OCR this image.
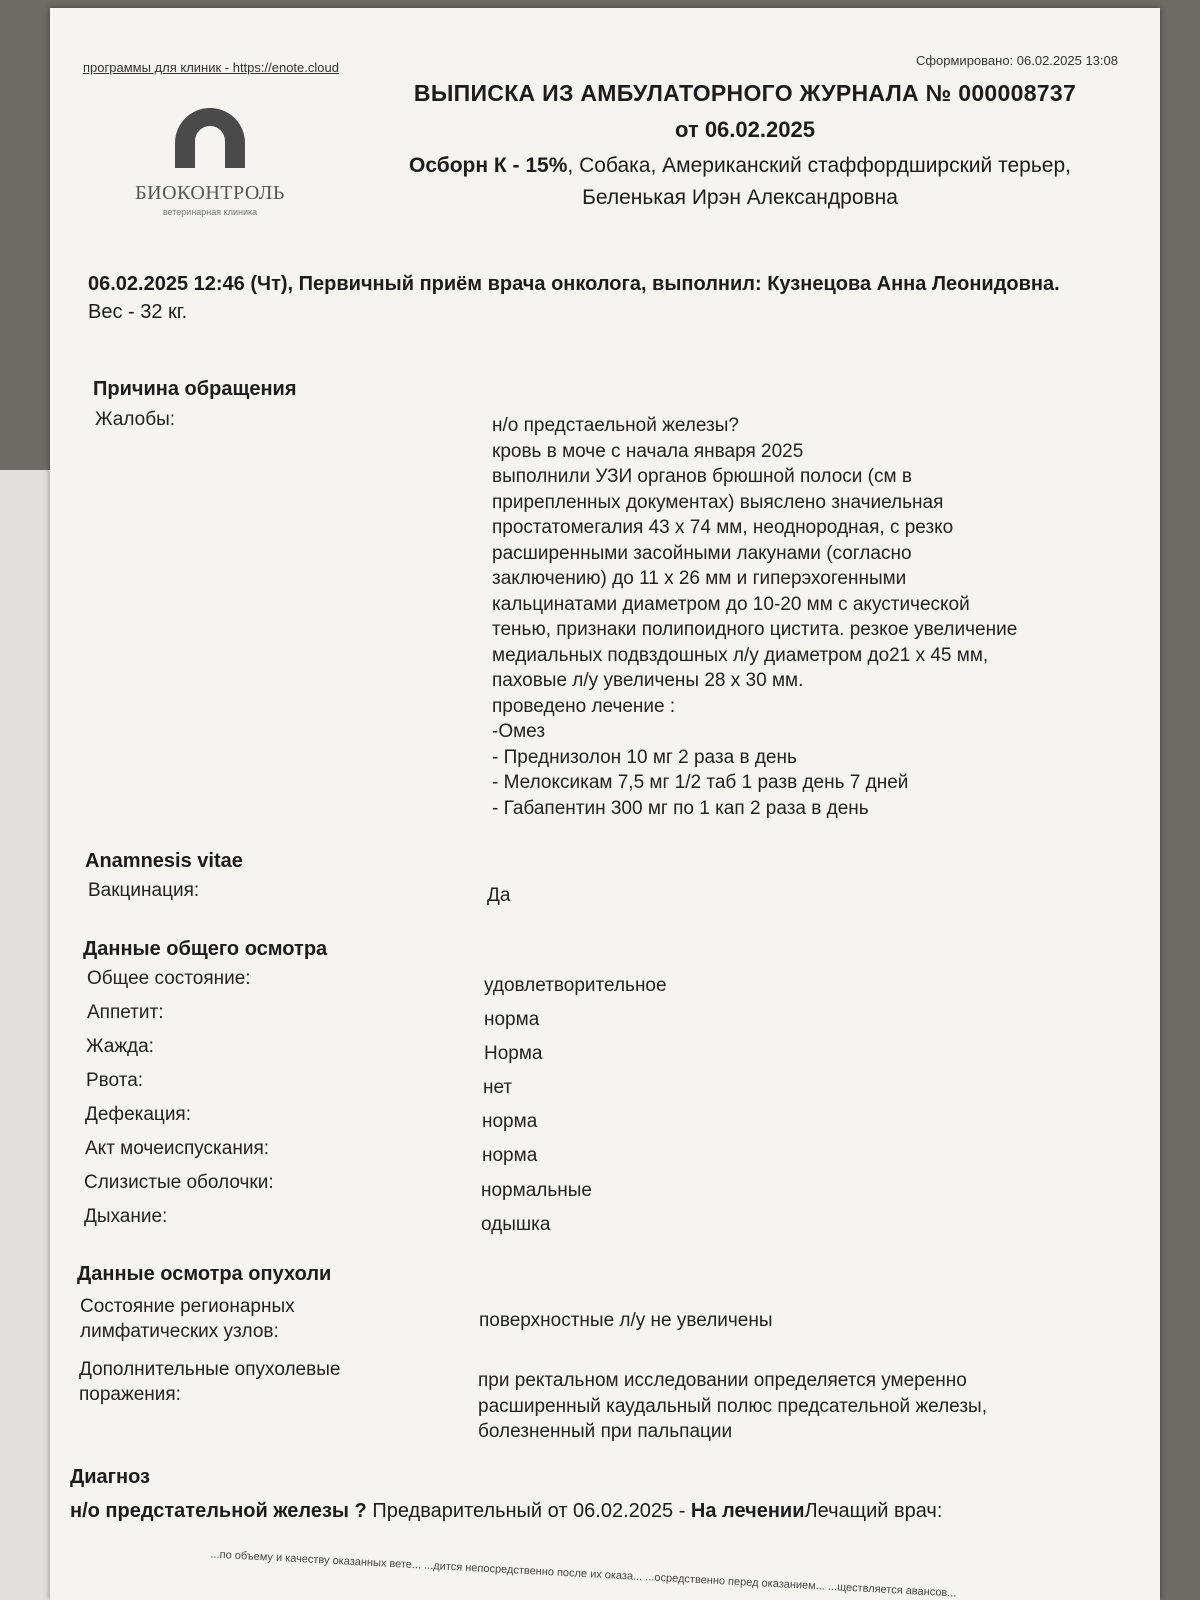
программы для клиник - https://enote.cloud	Сформировано: 06.02.2025 13:08
БИОКОНТРОЛЬ
ветеринарная клиника
ВЫПИСКА ИЗ АМБУЛАТОРНОГО ЖУРНАЛА № 000008737
от 06.02.2025
Осборн К - 15%, Собака, Американский стаффордширский терьер,
Беленькая Ирэн Александровна
06.02.2025 12:46 (Чт), Первичный приём врача онколога, выполнил: Кузнецова Анна Леонидовна.
Вес - 32 кг.
Причина обращения
Жалобы:	н/о предстаельной железы?
кровь в моче с начала января 2025
выполнили УЗИ органов брюшной полоси (см в
прирепленных документах) выяслено значиельная
простатомегалия 43 х 74 мм, неоднородная, с резко
расширенными засойными лакунами (согласно
заключению) до 11 х 26 мм и гиперэхогенными
кальцинатами диаметром до 10-20 мм с акустической
тенью, признаки полипоидного цистита. резкое увеличение
медиальных подвздошных л/у диаметром до21 х 45 мм,
паховые л/у увеличены 28 х 30 мм.
проведено лечение :
-Омез
- Преднизолон 10 мг 2 раза в день
- Мелоксикам 7,5 мг 1/2 таб 1 разв день 7 дней
- Габапентин 300 мг по 1 кап 2 раза в день
Anamnesis vitae
Вакцинация:	Да
Данные общего осмотра
Общее состояние:	удовлетворительное
Аппетит:	норма
Жажда:	Норма
Рвота:	нет
Дефекация:	норма
Акт мочеиспускания:	норма
Слизистые оболочки:	нормальные
Дыхание:	одышка
Данные осмотра опухоли
Состояние регионарных
лимфатических узлов:
поверхностные л/у не увеличены
Дополнительные опухолевые
поражения:
при ректальном исследовании определяется умеренно
расширенный каудальный полюс предсательной железы,
болезненный при пальпации
Диагноз
н/о предстательной железы ? Предварительный от 06.02.2025 - На леченииЛечащий врач:
...по объему и качеству оказанных вете... ...дится непосредственно после их оказа... ...осредственно перед оказанием... ...ществляется авансов...
